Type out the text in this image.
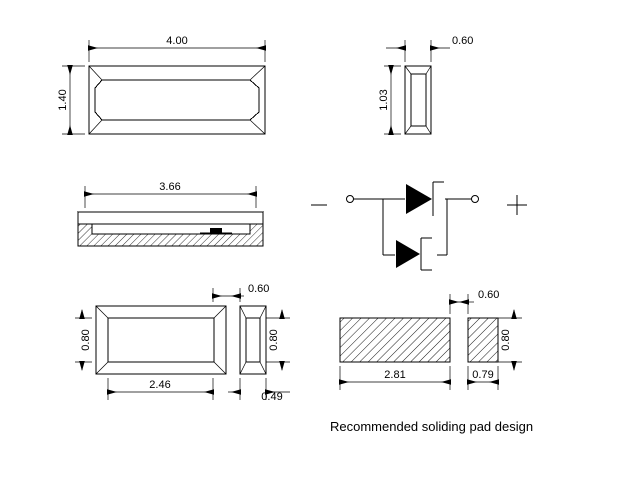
4.00
1.40
0.60
1.03
3.66
0.60
0.80	0.80
2.46
0.49
0.60
0.80
2.81	0.79
Recommended soliding pad design
